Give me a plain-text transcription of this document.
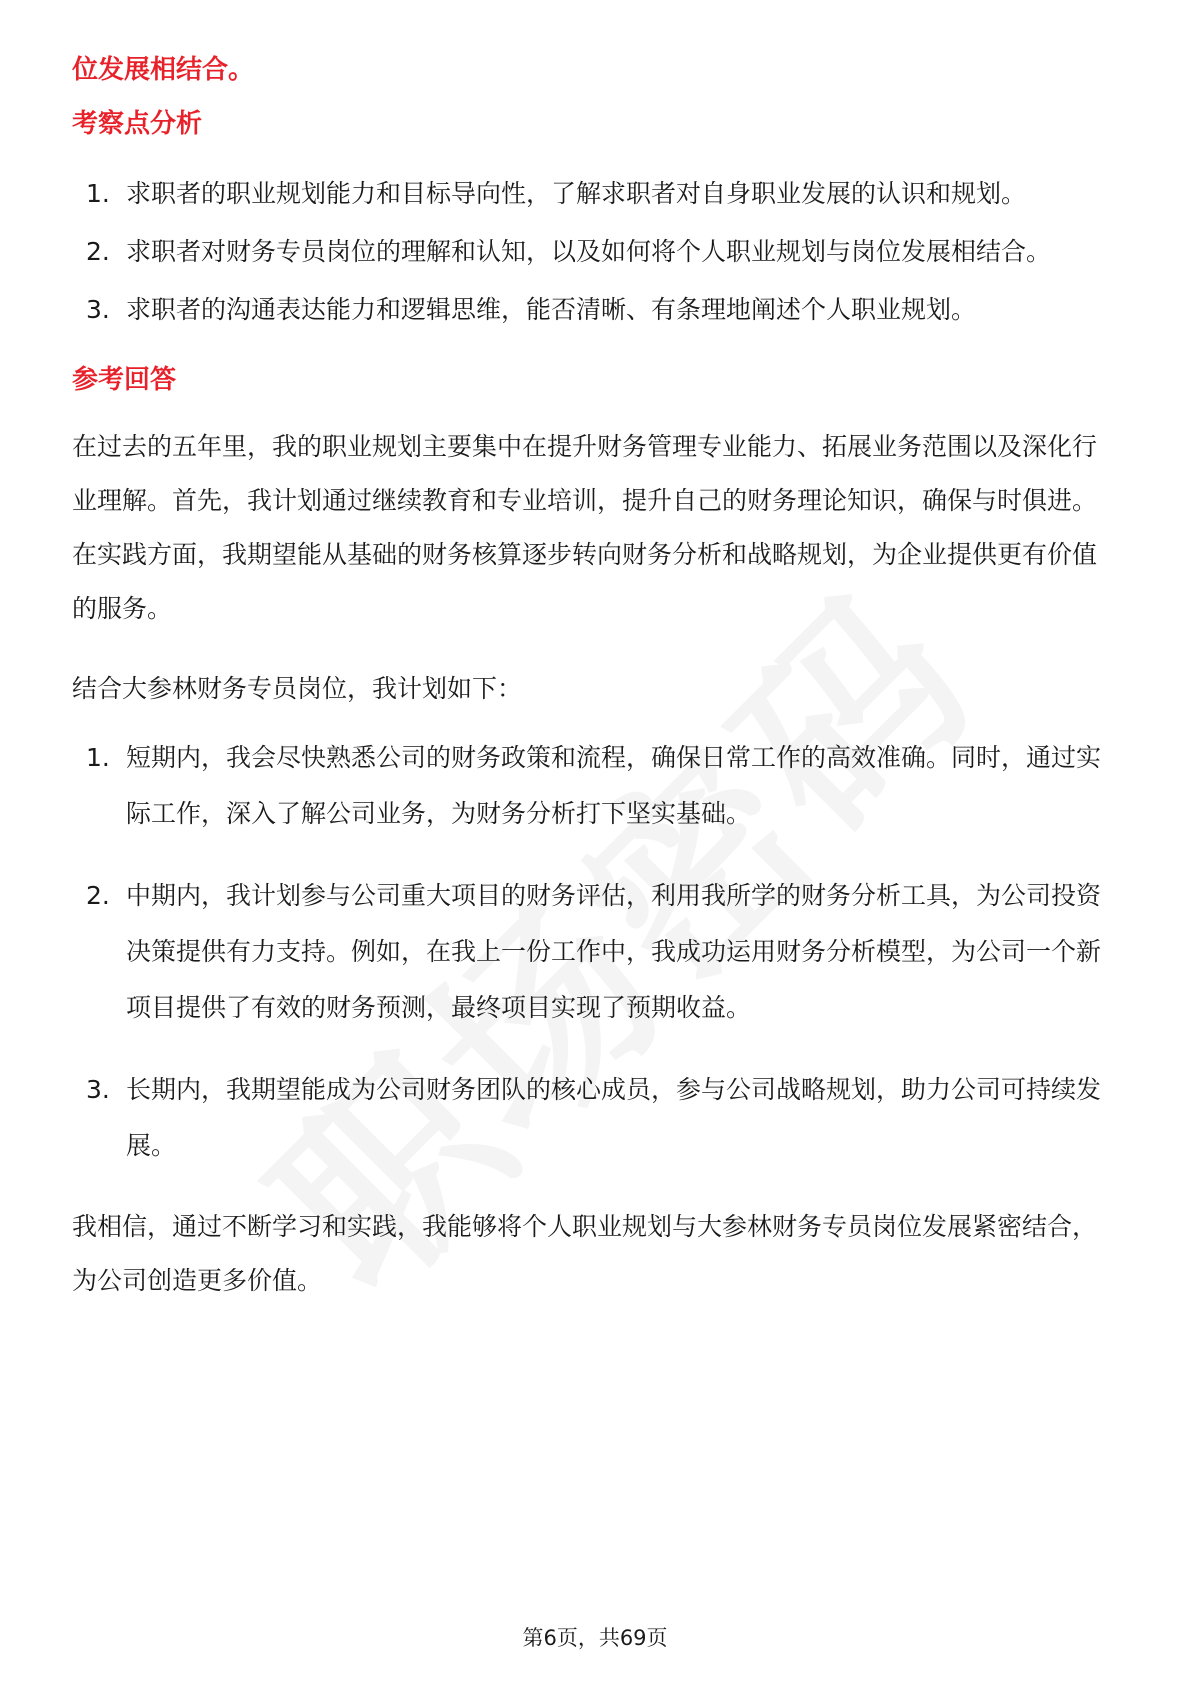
位发展相结合。

考察点分析
1. 求职者的职业规划能力和目标导向性，了解求职者对自身职业发展的认识和规划。
2. 求职者对财务专员岗位的理解和认知，以及如何将个人职业规划与岗位发展相结合。
3. 求职者的沟通表达能力和逻辑思维，能否清晰、有条理地阐述个人职业规划。
参考回答

在过去的五年里，我的职业规划主要集中在提升财务管理专业能力、拓展业务范围以及深化行业理解。首先，我计划通过继续教育和专业培训，提升自己的财务理论知识，确保与时俱进。在实践方面，我期望能从基础的财务核算逐步转向财务分析和战略规划，为企业提供更有价值的服务。

结合大参林财务专员岗位，我计划如下：

1. 短期内，我会尽快熟悉公司的财务政策和流程，确保日常工作的高效准确。同时，通过实际工作，深入了解公司业务，为财务分析打下坚实基础。
2. 中期内，我计划参与公司重大项目的财务评估，利用我所学的财务分析工具，为公司投资决策提供有力支持。例如，在我上一份工作中，我成功运用财务分析模型，为公司一个新项目提供了有效的财务预测，最终项目实现了预期收益。
3. 长期内，我期望能成为公司财务团队的核心成员，参与公司战略规划，助力公司可持续发展。

我相信，通过不断学习和实践，我能够将个人职业规划与大参林财务专员岗位发展紧密结合，为公司创造更多价值。

第6页，共69页
